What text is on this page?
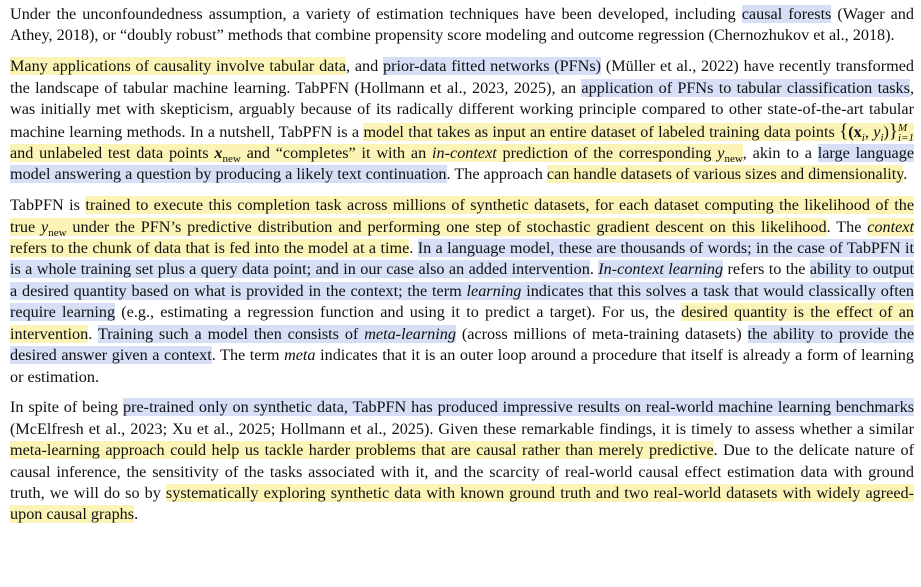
Under the unconfoundedness assumption, a variety of estimation techniques have been developed, including causal forests (Wager and Athey, 2018), or “doubly robust” methods that combine propensity score modeling and outcome regression (Chernozhukov et al., 2018).

Many applications of causality involve tabular data, and prior-data fitted networks (PFNs) (Müller et al., 2022) have recently transformed the landscape of tabular machine learning. TabPFN (Hollmann et al., 2023, 2025), an application of PFNs to tabular classification tasks, was initially met with skepticism, arguably because of its radically different working principle compared to other state-of-the-art tabular machine learning methods. In a nutshell, TabPFN is a model that takes as input an entire dataset of labeled training data points {($x_i$, $y_i$)} M
i=1
and unlabeled test data points $x_{new}$ and “completes” it with an in-context prediction of the corresponding $y_{new}$, akin to a large language model answering a question by producing a likely text continuation. The approach can handle datasets of various sizes and dimensionality.

TabPFN is trained to execute this completion task across millions of synthetic datasets, for each dataset computing the likelihood of the true $y_{new}$ under the PFN’s predictive distribution and performing one step of stochastic gradient descent on this likelihood. The context refers to the chunk of data that is fed into the model at a time. In a language model, these are thousands of words; in the case of TabPFN it is a whole training set plus a query data point; and in our case also an added intervention. In-context learning refers to the ability to output a desired quantity based on what is provided in the context; the term learning indicates that this solves a task that would classically often require learning (e.g., estimating a regression function and using it to predict a target). For us, the desired quantity is the effect of an intervention. Training such a model then consists of meta-learning (across millions of meta-training datasets) the ability to provide the desired answer given a context. The term meta indicates that it is an outer loop around a procedure that itself is already a form of learning or estimation.

In spite of being pre-trained only on synthetic data, TabPFN has produced impressive results on real-world machine learning benchmarks (McElfresh et al., 2023; Xu et al., 2025; Hollmann et al., 2025). Given these remarkable findings, it is timely to assess whether a similar meta-learning approach could help us tackle harder problems that are causal rather than merely predictive. Due to the delicate nature of causal inference, the sensitivity of the tasks associated with it, and the scarcity of real-world causal effect estimation data with ground truth, we will do so by systematically exploring synthetic data with known ground truth and two real-world datasets with widely agreed-upon causal graphs.
